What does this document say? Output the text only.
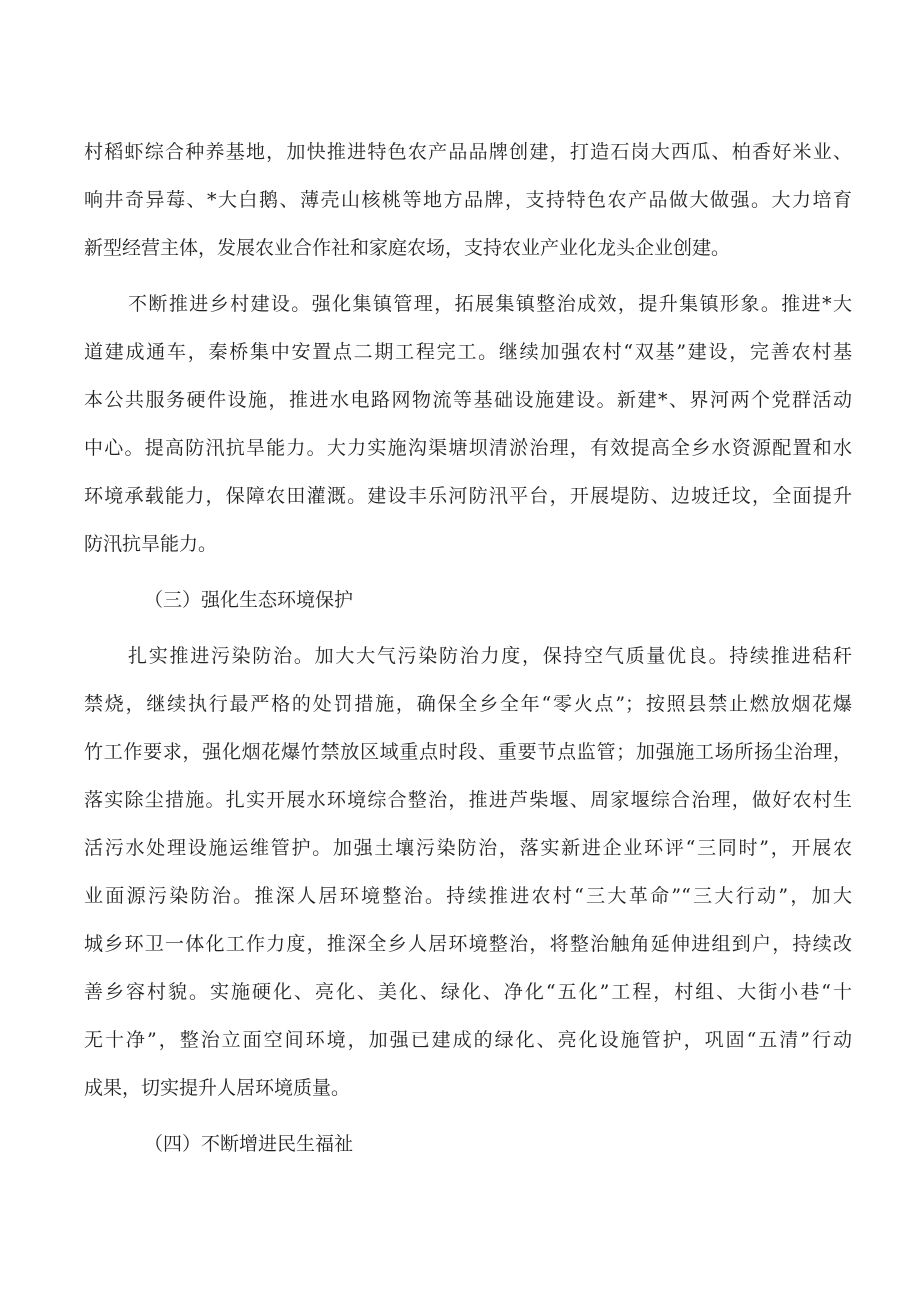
村稻虾综合种养基地，加快推进特色农产品品牌创建，打造石岗大西瓜、柏香好米业、
响井奇异莓、*大白鹅、薄壳山核桃等地方品牌，支持特色农产品做大做强。大力培育
新型经营主体，发展农业合作社和家庭农场，支持农业产业化龙头企业创建。
不断推进乡村建设。强化集镇管理，拓展集镇整治成效，提升集镇形象。推进*大
道建成通车，秦桥集中安置点二期工程完工。继续加强农村“双基”建设，完善农村基
本公共服务硬件设施，推进水电路网物流等基础设施建设。新建*、界河两个党群活动
中心。提高防汛抗旱能力。大力实施沟渠塘坝清淤治理，有效提高全乡水资源配置和水
环境承载能力，保障农田灌溉。建设丰乐河防汛平台，开展堤防、边坡迁坟，全面提升
防汛抗旱能力。
（三）强化生态环境保护
扎实推进污染防治。加大大气污染防治力度，保持空气质量优良。持续推进秸秆
禁烧，继续执行最严格的处罚措施，确保全乡全年“零火点”；按照县禁止燃放烟花爆
竹工作要求，强化烟花爆竹禁放区域重点时段、重要节点监管；加强施工场所扬尘治理，
落实除尘措施。扎实开展水环境综合整治，推进芦柴堰、周家堰综合治理，做好农村生
活污水处理设施运维管护。加强土壤污染防治，落实新进企业环评“三同时”，开展农
业面源污染防治。推深人居环境整治。持续推进农村“三大革命”“三大行动”，加大
城乡环卫一体化工作力度，推深全乡人居环境整治，将整治触角延伸进组到户，持续改
善乡容村貌。实施硬化、亮化、美化、绿化、净化“五化”工程，村组、大街小巷“十
无十净”，整治立面空间环境，加强已建成的绿化、亮化设施管护，巩固“五清”行动
成果，切实提升人居环境质量。
（四）不断增进民生福祉
